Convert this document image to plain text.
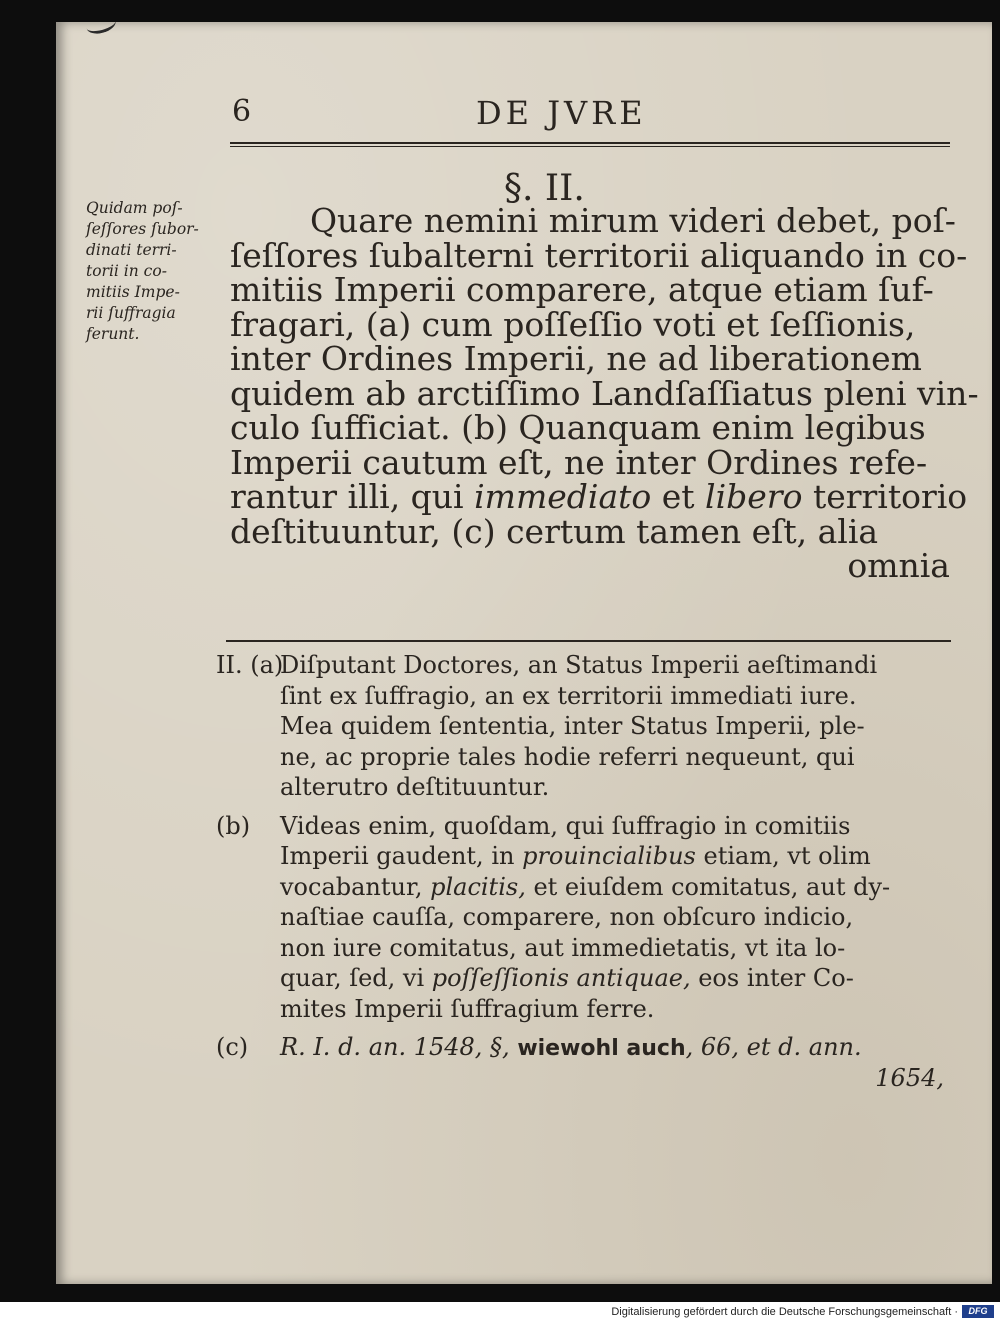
6	DE JVRE
§. II.
Quidam poſ-
ſeſſores ſubor-
dinati terri-
torii in co-
mitiis Impe-
rii ſuffragia
ferunt.
Quare nemini mirum videri debet, poſ-
ſeſſores ſubalterni territorii aliquando in co-
mitiis Imperii comparere, atque etiam ſuf-
fragari, (a) cum poſſeſſio voti et ſeſſionis,
inter Ordines Imperii, ne ad liberationem
quidem ab arctiſſimo Landſaſſiatus pleni vin-
culo ſufficiat. (b) Quanquam enim legibus
Imperii cautum eſt, ne inter Ordines refe-
rantur illi, qui immediato et libero territorio
deſtituuntur, (c) certum tamen eſt, alia
omnia
II. (a)Diſputant Doctores, an Status Imperii aeſtimandi
ſint ex ſuffragio, an ex territorii immediati iure.
Mea quidem ſententia, inter Status Imperii, ple-
ne, ac proprie tales hodie referri nequeunt, qui
alterutro deſtituuntur.
(b) Videas enim, quoſdam, qui ſuffragio in comitiis
Imperii gaudent, in prouincialibus etiam, vt olim
vocabantur, placitis, et eiuſdem comitatus, aut dy-
naſtiae cauſſa, comparere, non obſcuro indicio,
non iure comitatus, aut immedietatis, vt ita lo-
quar, ſed, vi poſſeſſionis antiquae, eos inter Co-
mites Imperii ſuffragium ferre.
(c) R. I. d. an. 1548, §, wiewohl auch, 66, et d. ann.
1654,
Digitalisierung gefördert durch die Deutsche Forschungsgemeinschaft ·	DFG
